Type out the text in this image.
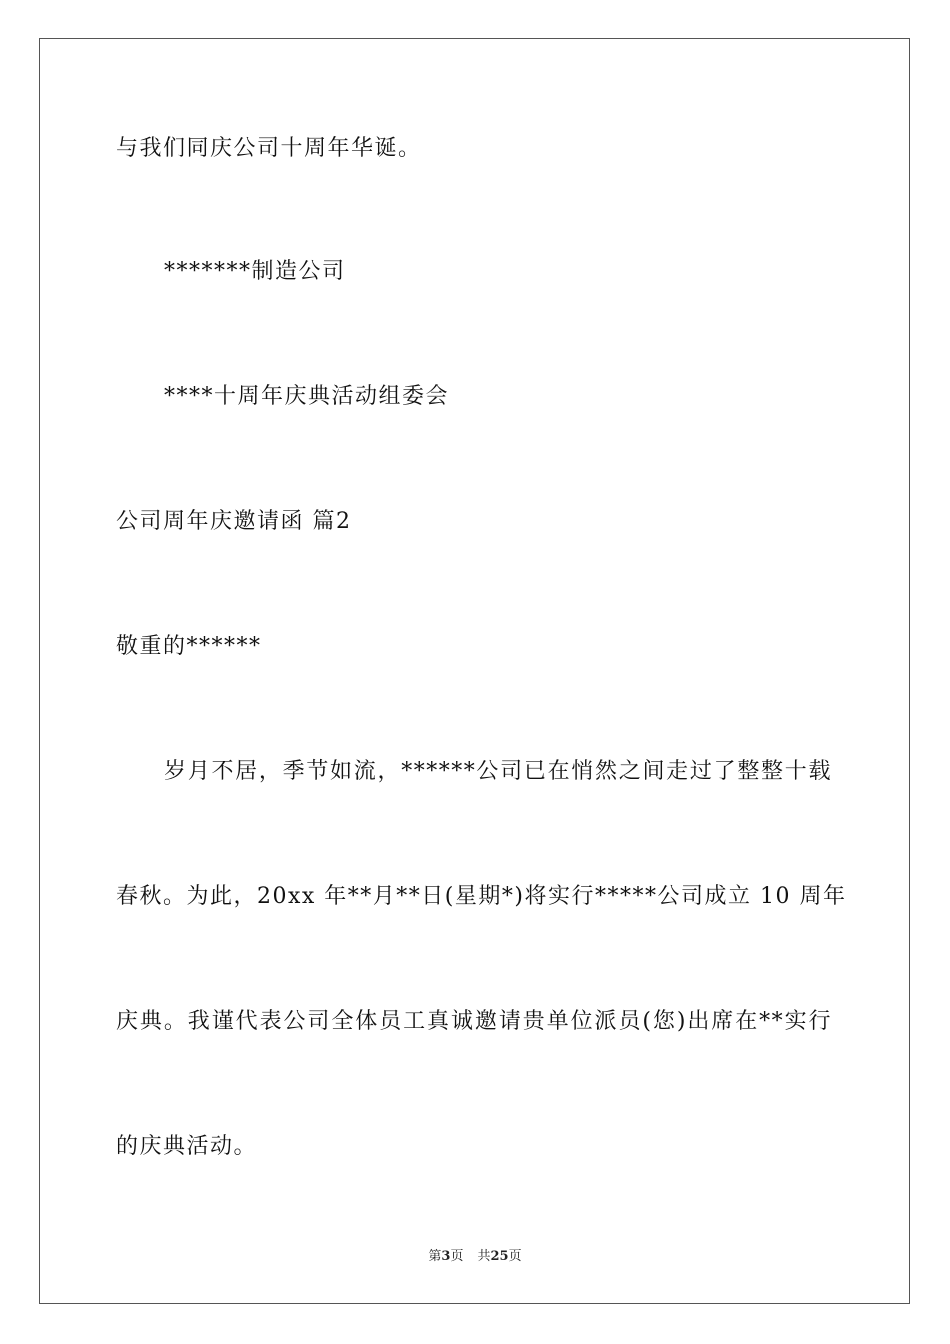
与我们同庆公司十周年华诞。
*******制造公司
****十周年庆典活动组委会
公司周年庆邀请函 篇2
敬重的******
岁月不居，季节如流，******公司已在悄然之间走过了整整十载
春秋。为此，20xx 年**月**日(星期*)将实行*****公司成立 10 周年
庆典。我谨代表公司全体员工真诚邀请贵单位派员(您)出席在**实行
的庆典活动。
第3页 共25页
